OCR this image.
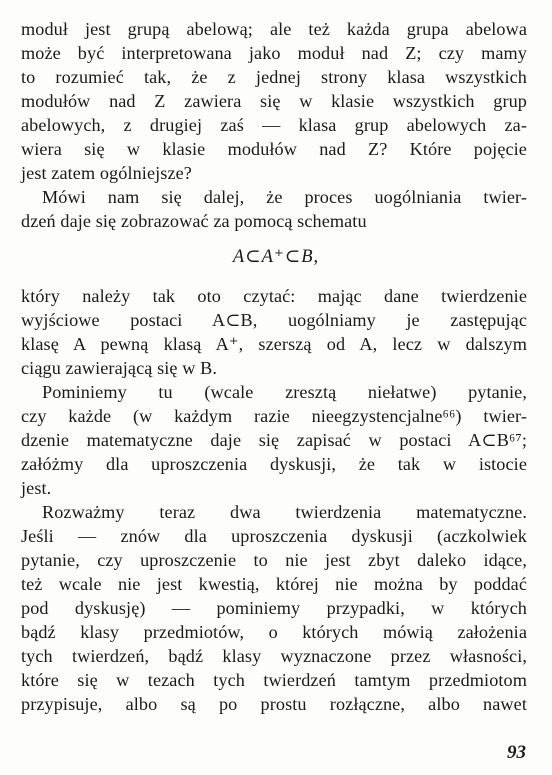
moduł jest grupą abelową; ale też każda grupa abelowa
może być interpretowana jako moduł nad Z; czy mamy
to rozumieć tak, że z jednej strony klasa wszystkich
modułów nad Z zawiera się w klasie wszystkich grup
abelowych, z drugiej zaś — klasa grup abelowych za-
wiera się w klasie modułów nad Z? Które pojęcie
jest zatem ogólniejsze?
Mówi nam się dalej, że proces uogólniania twier-
dzeń daje się zobrazować za pomocą schematu
A⊂A⁺⊂B,
który należy tak oto czytać: mając dane twierdzenie
wyjściowe postaci A⊂B, uogólniamy je zastępując
klasę A pewną klasą A⁺, szerszą od A, lecz w dalszym
ciągu zawierającą się w B.
Pominiemy tu (wcale zresztą niełatwe) pytanie,
czy każde (w każdym razie nieegzystencjalne⁶⁶) twier-
dzenie matematyczne daje się zapisać w postaci A⊂B⁶⁷;
załóżmy dla uproszczenia dyskusji, że tak w istocie
jest.
Rozważmy teraz dwa twierdzenia matematyczne.
Jeśli — znów dla uproszczenia dyskusji (aczkolwiek
pytanie, czy uproszczenie to nie jest zbyt daleko idące,
też wcale nie jest kwestią, której nie można by poddać
pod dyskusję) — pominiemy przypadki, w których
bądź klasy przedmiotów, o których mówią założenia
tych twierdzeń, bądź klasy wyznaczone przez własności,
które się w tezach tych twierdzeń tamtym przedmiotom
przypisuje, albo są po prostu rozłączne, albo nawet
93
